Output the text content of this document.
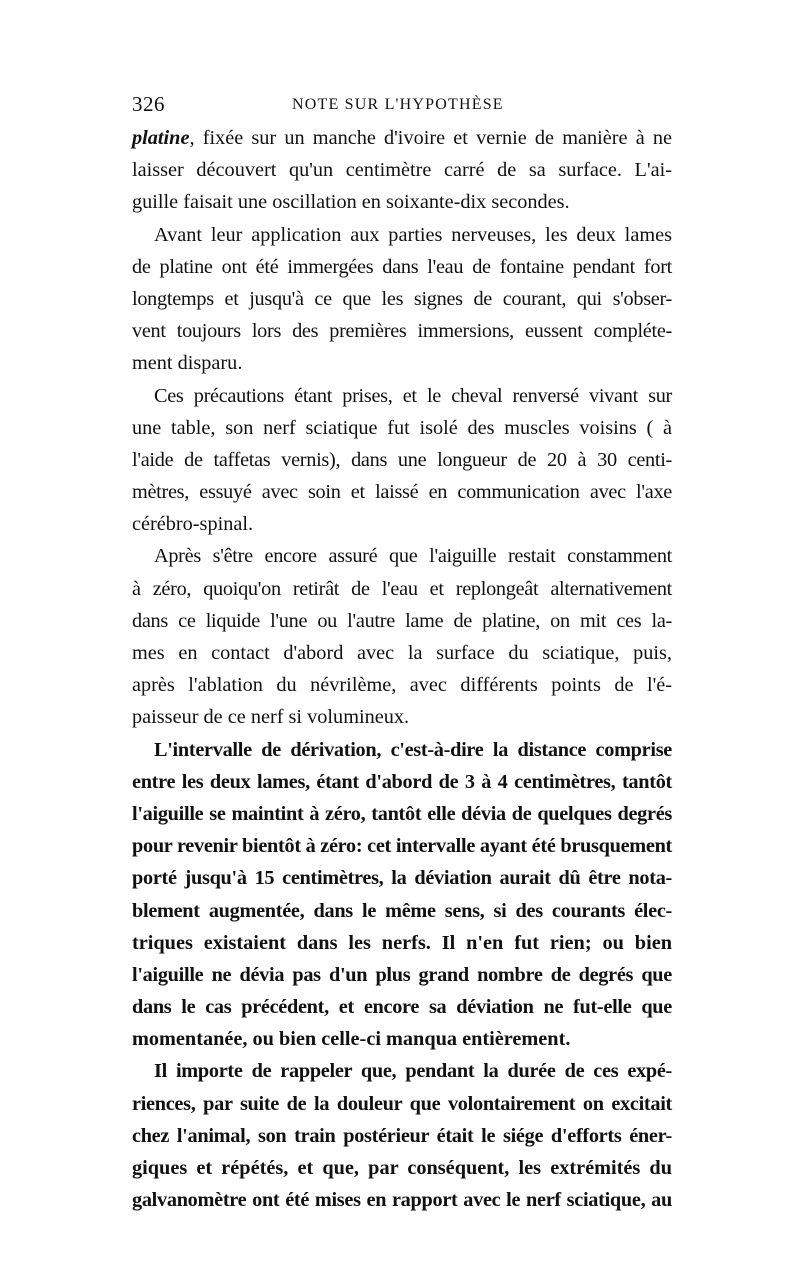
326	NOTE SUR L'HYPOTHÈSE
platine, fixée sur un manche d'ivoire et vernie de manière à ne
laisser découvert qu'un centimètre carré de sa surface. L'ai-
guille faisait une oscillation en soixante-dix secondes.
Avant leur application aux parties nerveuses, les deux lames
de platine ont été immergées dans l'eau de fontaine pendant fort
longtemps et jusqu'à ce que les signes de courant, qui s'obser-
vent toujours lors des premières immersions, eussent compléte-
ment disparu.
Ces précautions étant prises, et le cheval renversé vivant sur
une table, son nerf sciatique fut isolé des muscles voisins ( à
l'aide de taffetas vernis), dans une longueur de 20 à 30 centi-
mètres, essuyé avec soin et laissé en communication avec l'axe
cérébro-spinal.
Après s'être encore assuré que l'aiguille restait constamment
à zéro, quoiqu'on retirât de l'eau et replongeât alternativement
dans ce liquide l'une ou l'autre lame de platine, on mit ces la-
mes en contact d'abord avec la surface du sciatique, puis,
après l'ablation du névrilème, avec différents points de l'é-
paisseur de ce nerf si volumineux.
L'intervalle de dérivation, c'est-à-dire la distance comprise
entre les deux lames, étant d'abord de 3 à 4 centimètres, tantôt
l'aiguille se maintint à zéro, tantôt elle dévia de quelques degrés
pour revenir bientôt à zéro: cet intervalle ayant été brusquement
porté jusqu'à 15 centimètres, la déviation aurait dû être nota-
blement augmentée, dans le même sens, si des courants élec-
triques existaient dans les nerfs. Il n'en fut rien; ou bien
l'aiguille ne dévia pas d'un plus grand nombre de degrés que
dans le cas précédent, et encore sa déviation ne fut-elle que
momentanée, ou bien celle-ci manqua entièrement.
Il importe de rappeler que, pendant la durée de ces expé-
riences, par suite de la douleur que volontairement on excitait
chez l'animal, son train postérieur était le siége d'efforts éner-
giques et répétés, et que, par conséquent, les extrémités du
galvanomètre ont été mises en rapport avec le nerf sciatique, au
